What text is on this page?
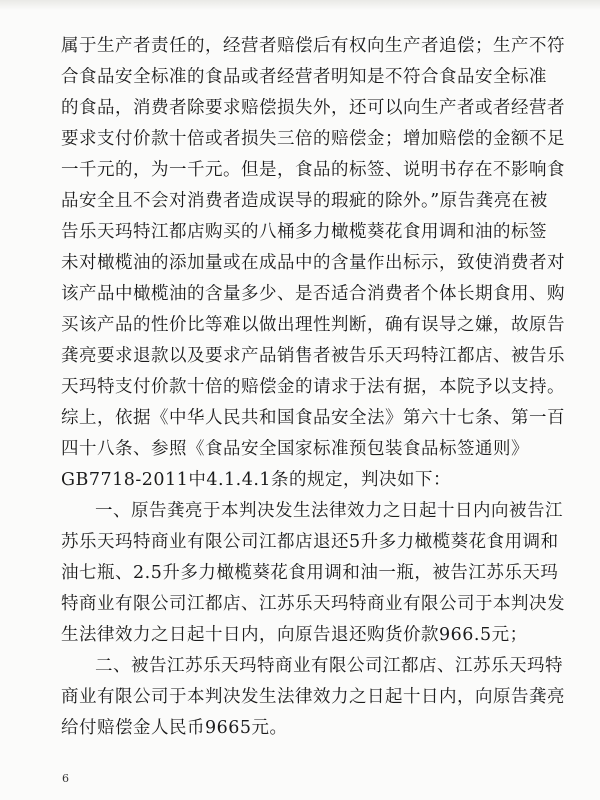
属于生产者责任的，经营者赔偿后有权向生产者追偿；生产不符
合食品安全标准的食品或者经营者明知是不符合食品安全标准
的食品，消费者除要求赔偿损失外，还可以向生产者或者经营者
要求支付价款十倍或者损失三倍的赔偿金；增加赔偿的金额不足
一千元的，为一千元。但是，食品的标签、说明书存在不影响食
品安全且不会对消费者造成误导的瑕疵的除外。”原告龚亮在被
告乐天玛特江都店购买的八桶多力橄榄葵花食用调和油的标签
未对橄榄油的添加量或在成品中的含量作出标示，致使消费者对
该产品中橄榄油的含量多少、是否适合消费者个体长期食用、购
买该产品的性价比等难以做出理性判断，确有误导之嫌，故原告
龚亮要求退款以及要求产品销售者被告乐天玛特江都店、被告乐
天玛特支付价款十倍的赔偿金的请求于法有据，本院予以支持。
综上，依据《中华人民共和国食品安全法》第六十七条、第一百
四十八条、参照《食品安全国家标准预包装食品标签通则》
GB7718-2011中4.1.4.1条的规定，判决如下：
一、原告龚亮于本判决发生法律效力之日起十日内向被告江
苏乐天玛特商业有限公司江都店退还5升多力橄榄葵花食用调和
油七瓶、2.5升多力橄榄葵花食用调和油一瓶，被告江苏乐天玛
特商业有限公司江都店、江苏乐天玛特商业有限公司于本判决发
生法律效力之日起十日内，向原告退还购货价款966.5元；
二、被告江苏乐天玛特商业有限公司江都店、江苏乐天玛特
商业有限公司于本判决发生法律效力之日起十日内，向原告龚亮
给付赔偿金人民币9665元。
6
